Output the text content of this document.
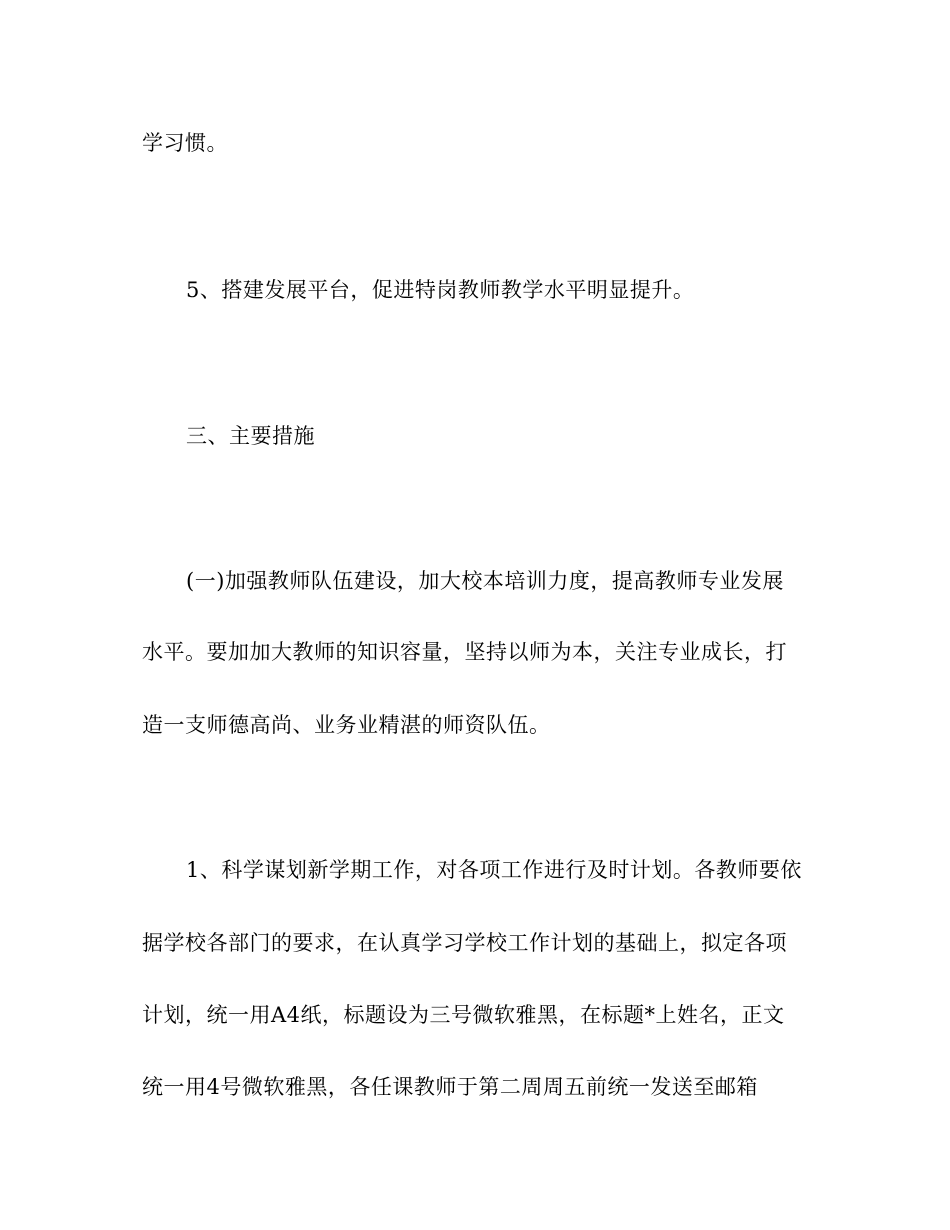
学习惯。
5、搭建发展平台，促进特岗教师教学水平明显提升。
三、主要措施
(一)加强教师队伍建设，加大校本培训力度，提高教师专业发展
水平。要加加大教师的知识容量，坚持以师为本，关注专业成长，打
造一支师德高尚、业务业精湛的师资队伍。
1、科学谋划新学期工作，对各项工作进行及时计划。各教师要依
据学校各部门的要求，在认真学习学校工作计划的基础上，拟定各项
计划，统一用A4纸，标题设为三号微软雅黑，在标题*上姓名，正文
统一用4号微软雅黑，各任课教师于第二周周五前统一发送至邮箱
